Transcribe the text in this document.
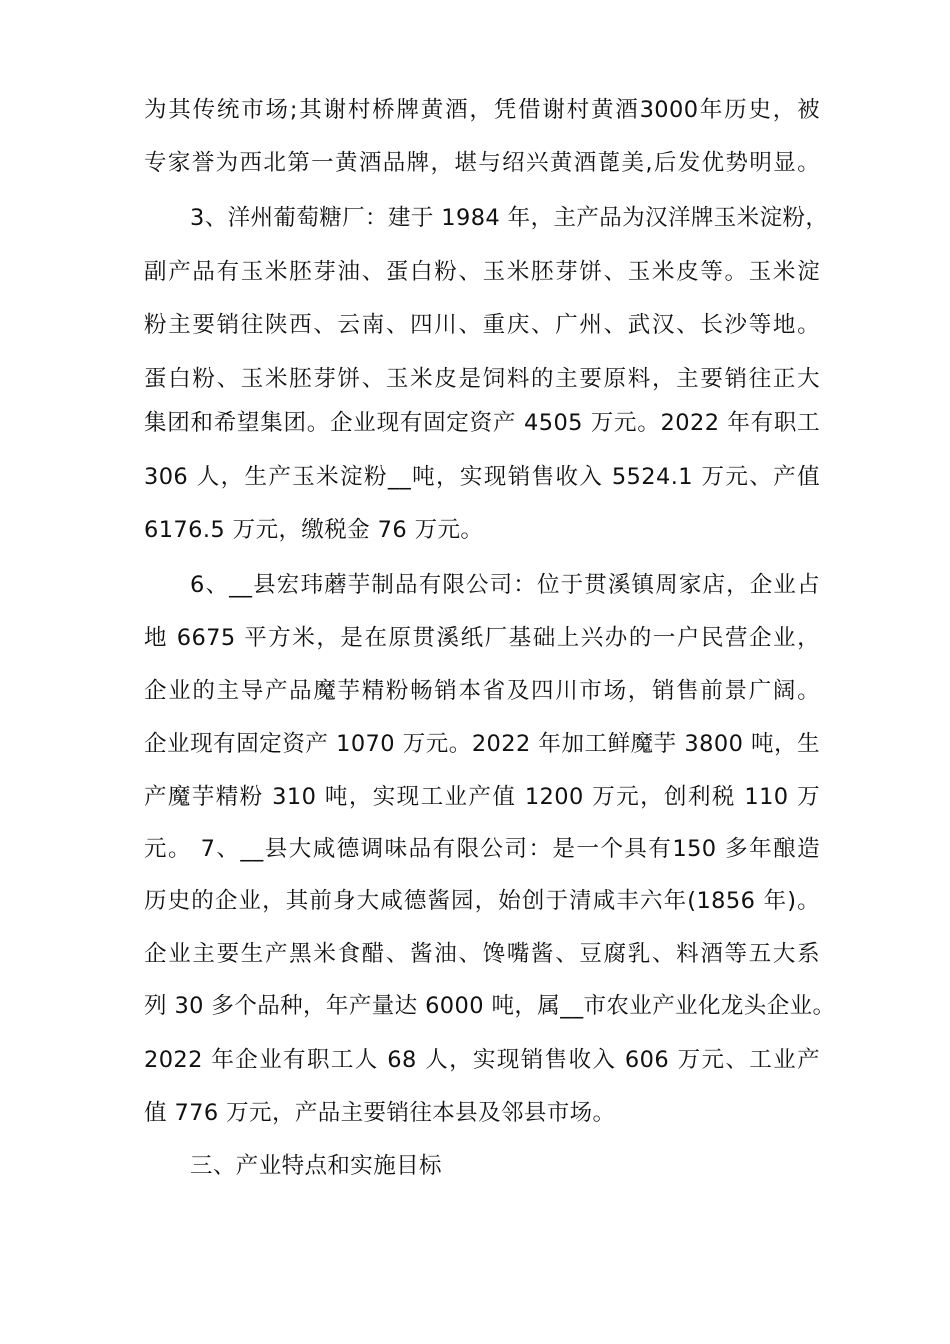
为其传统市场;其谢村桥牌黄酒，凭借谢村黄酒3000年历史，被
专家誉为西北第一黄酒品牌，堪与绍兴黄酒蓖美,后发优势明显。
3、洋州葡萄糖厂：建于 1984 年，主产品为汉洋牌玉米淀粉，
副产品有玉米胚芽油、蛋白粉、玉米胚芽饼、玉米皮等。玉米淀
粉主要销往陕西、云南、四川、重庆、广州、武汉、长沙等地。
蛋白粉、玉米胚芽饼、玉米皮是饲料的主要原料，主要销往正大
集团和希望集团。企业现有固定资产 4505 万元。2022 年有职工
306 人，生产玉米淀粉__吨，实现销售收入 5524.1 万元、产值
6176.5 万元，缴税金 76 万元。
6、__县宏玮蘑芋制品有限公司：位于贯溪镇周家店，企业占
地 6675 平方米，是在原贯溪纸厂基础上兴办的一户民营企业，
企业的主导产品魔芋精粉畅销本省及四川市场，销售前景广阔。
企业现有固定资产 1070 万元。2022 年加工鲜魔芋 3800 吨，生
产魔芋精粉 310 吨，实现工业产值 1200 万元，创利税 110 万
元。 7、__县大咸德调味品有限公司：是一个具有150 多年酿造
历史的企业，其前身大咸德酱园，始创于清咸丰六年(1856 年)。
企业主要生产黑米食醋、酱油、馋嘴酱、豆腐乳、料酒等五大系
列 30 多个品种，年产量达 6000 吨，属__市农业产业化龙头企业。
2022 年企业有职工人 68 人，实现销售收入 606 万元、工业产
值 776 万元，产品主要销往本县及邻县市场。
三、产业特点和实施目标
